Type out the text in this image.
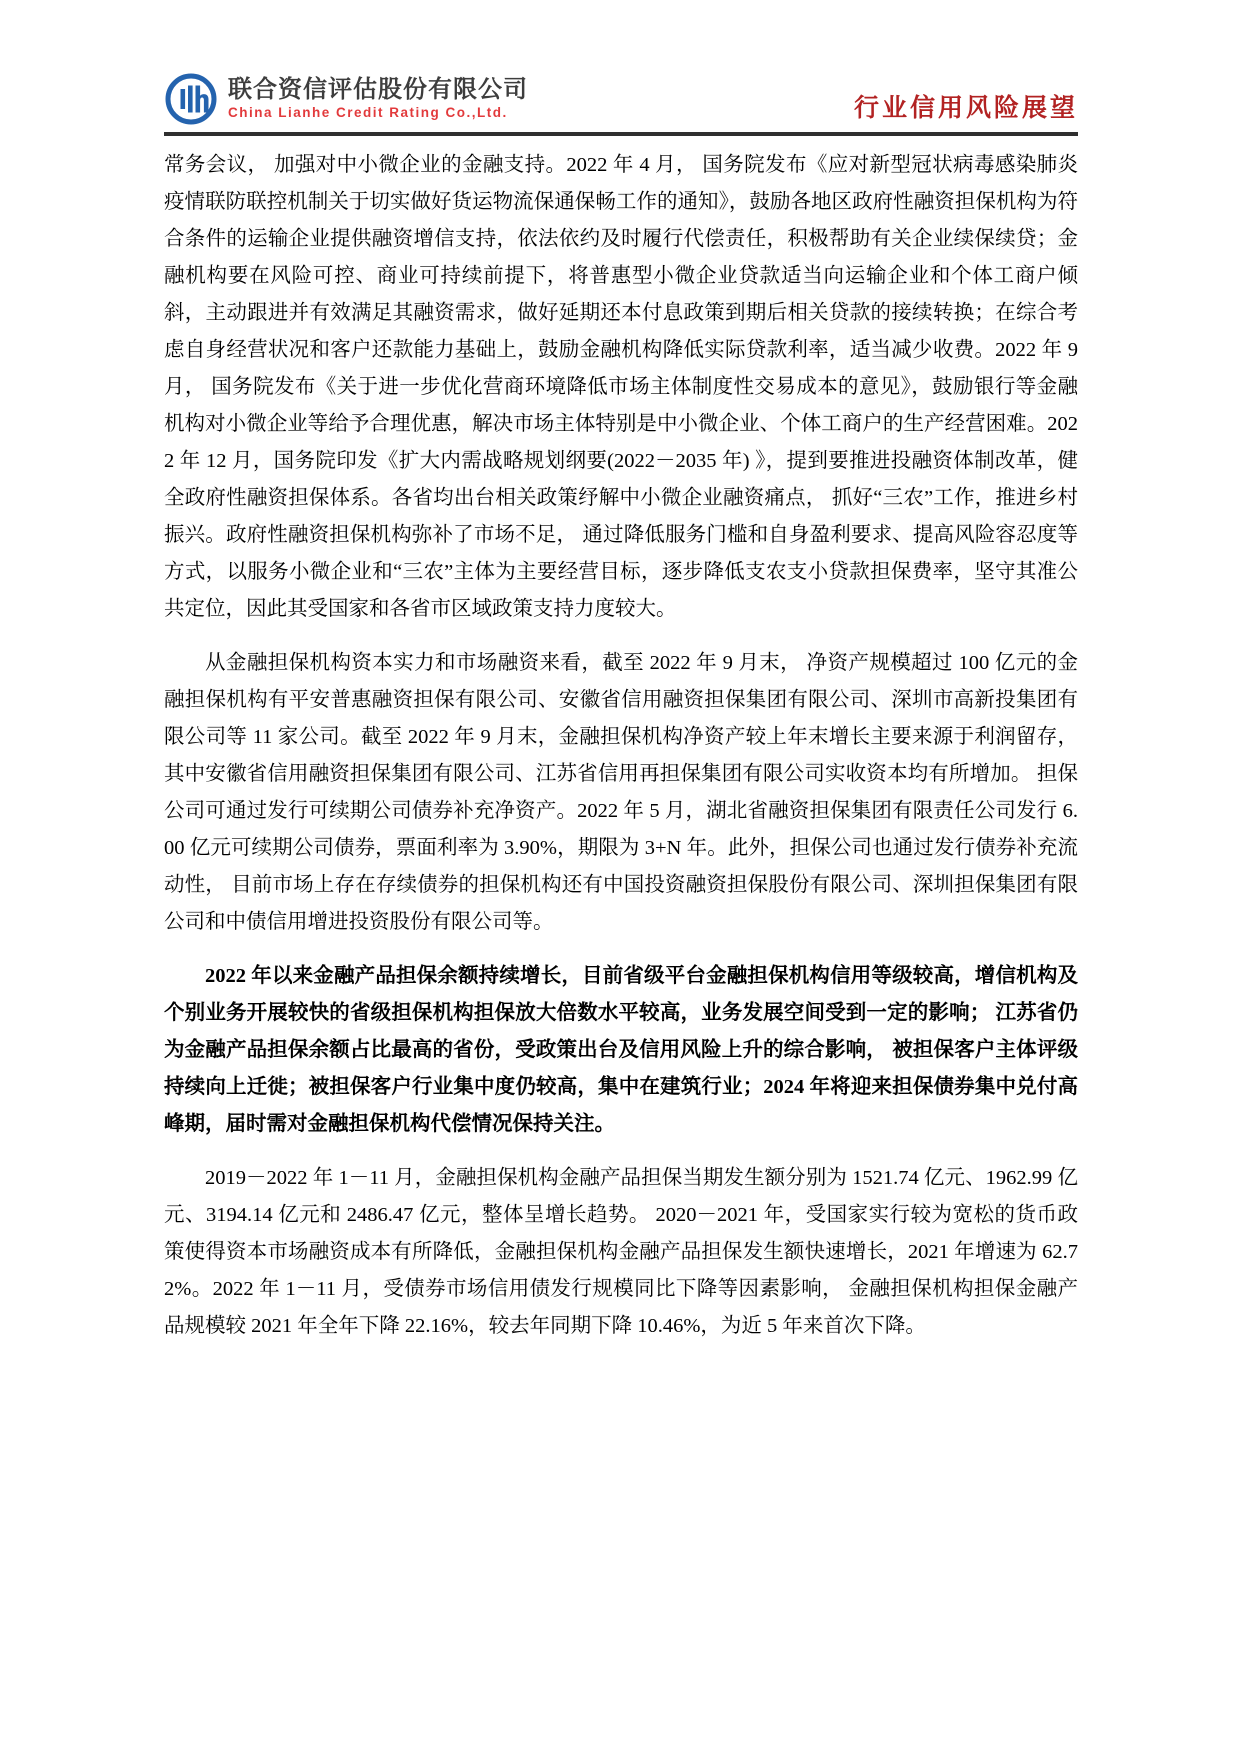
联合资信评估股份有限公司
China Lianhe Credit Rating Co.,Ltd.	行业信用风险展望

常务会议， 加强对中小微企业的金融支持。2022 年 4 月， 国务院发布《应对新型冠状病毒感染肺炎疫情联防联控机制关于切实做好货运物流保通保畅工作的通知》，鼓励各地区政府性融资担保机构为符合条件的运输企业提供融资增信支持，依法依约及时履行代偿责任，积极帮助有关企业续保续贷；金融机构要在风险可控、商业可持续前提下，将普惠型小微企业贷款适当向运输企业和个体工商户倾斜，主动跟进并有效满足其融资需求，做好延期还本付息政策到期后相关贷款的接续转换；在综合考虑自身经营状况和客户还款能力基础上，鼓励金融机构降低实际贷款利率，适当减少收费。2022 年 9 月， 国务院发布《关于进一步优化营商环境降低市场主体制度性交易成本的意见》，鼓励银行等金融机构对小微企业等给予合理优惠，解决市场主体特别是中小微企业、个体工商户的生产经营困难。2022 年 12 月，国务院印发《扩大内需战略规划纲要(2022－2035 年) 》，提到要推进投融资体制改革，健全政府性融资担保体系。各省均出台相关政策纾解中小微企业融资痛点， 抓好“三农”工作，推进乡村振兴。政府性融资担保机构弥补了市场不足， 通过降低服务门槛和自身盈利要求、提高风险容忍度等方式，以服务小微企业和“三农”主体为主要经营目标，逐步降低支农支小贷款担保费率，坚守其准公共定位，因此其受国家和各省市区域政策支持力度较大。

从金融担保机构资本实力和市场融资来看，截至 2022 年 9 月末， 净资产规模超过 100 亿元的金融担保机构有平安普惠融资担保有限公司、安徽省信用融资担保集团有限公司、深圳市高新投集团有限公司等 11 家公司。截至 2022 年 9 月末，金融担保机构净资产较上年末增长主要来源于利润留存，其中安徽省信用融资担保集团有限公司、江苏省信用再担保集团有限公司实收资本均有所增加。 担保公司可通过发行可续期公司债券补充净资产。2022 年 5 月，湖北省融资担保集团有限责任公司发行 6.00 亿元可续期公司债券，票面利率为 3.90%，期限为 3+N 年。此外，担保公司也通过发行债券补充流动性， 目前市场上存在存续债券的担保机构还有中国投资融资担保股份有限公司、深圳担保集团有限公司和中债信用增进投资股份有限公司等。

2022 年以来金融产品担保余额持续增长，目前省级平台金融担保机构信用等级较高，增信机构及个别业务开展较快的省级担保机构担保放大倍数水平较高，业务发展空间受到一定的影响； 江苏省仍为金融产品担保余额占比最高的省份，受政策出台及信用风险上升的综合影响， 被担保客户主体评级持续向上迁徙；被担保客户行业集中度仍较高，集中在建筑行业；2024 年将迎来担保债券集中兑付高峰期，届时需对金融担保机构代偿情况保持关注。

2019－2022 年 1－11 月，金融担保机构金融产品担保当期发生额分别为 1521.74 亿元、1962.99 亿元、3194.14 亿元和 2486.47 亿元，整体呈增长趋势。 2020－2021 年，受国家实行较为宽松的货币政策使得资本市场融资成本有所降低，金融担保机构金融产品担保发生额快速增长，2021 年增速为 62.72%。2022 年 1－11 月，受债券市场信用债发行规模同比下降等因素影响， 金融担保机构担保金融产品规模较 2021 年全年下降 22.16%，较去年同期下降 10.46%，为近 5 年来首次下降。
